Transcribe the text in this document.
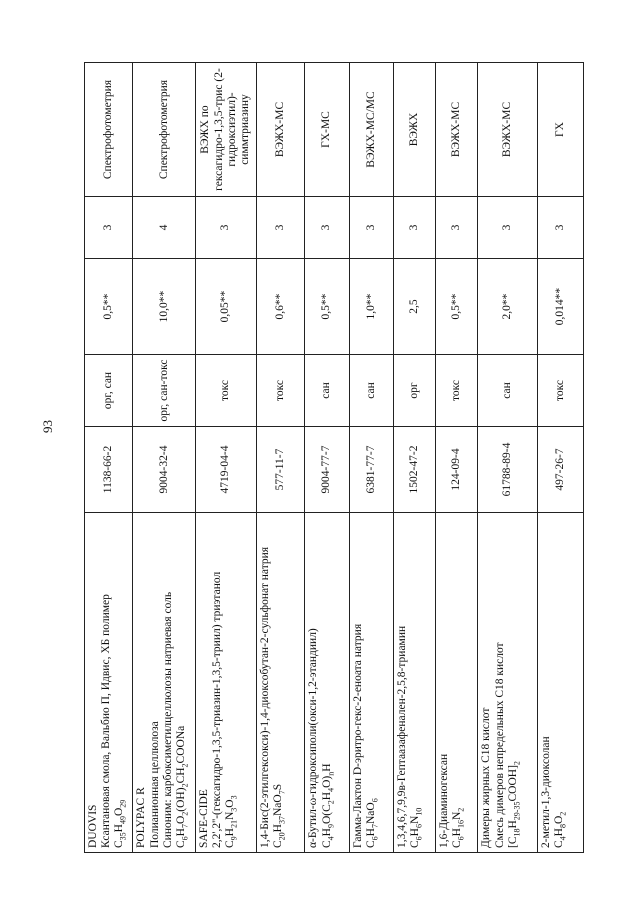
93
DUOVIS Ксантановая смола, Вальбио П, Идвис, ХБ полимер $C_{35}H_{49}O_{29}$	1138-66-2	орг, сан	0,5**	3	Спектрофотометрия

POLYPAC R Полианионная целлюлоза Синоним: карбоксиметилцеллюлозы натриевая соль $C_6H_7O_2(OH)_2CH_2COONa$	9004-32-4	орг, сан-токс	10,0**	4	Спектрофотометрия

SAFE-CIDE 2,2',2''-(гексагидро-1,3,5-триазин-1,3,5-триил) триэтанол $C_9H_{21}N_3O_3$	4719-04-4	токс	0,05**	3	ВЭЖХ по гексагидро-1,3,5-трис (2-гидроксиэтил)-симмтриазину

1,4-Бис(2-этилгексокси)-1,4-диоксобутан-2-сульфонат натрия $C_{20}H_{37}NaO_7S$	577-11-7	токс	0,6**	3	ВЭЖХ-МС

α-Бутил-ω-гидроксиполи(окси-1,2-этандиил) $C_4H_9O(C_2H_4O)_nH$	9004-77-7	сан	0,5**	3	ГХ-МС

Гамма-Лактон D-эритро-гекс-2-еноата натрия $C_6H_7NaO_6$	6381-77-7	сан	1,0**	3	ВЭЖХ-МС/МС

1,3,4,6,7,9,9в-Гептаазафенален-2,5,8-триамин $C_6H_6N_{10}$	1502-47-2	орг	2,5	3	ВЭЖХ

1,6-Диаминогексан $C_6H_{16}N_2$	124-09-4	токс	0,5**	3	ВЭЖХ-МС

Димеры жирных С18 кислот Смесь димеров непредельных С18 кислот $[C_{18}H_{29-35}COOH]_2$	61788-89-4	сан	2,0**	3	ВЭЖХ-МС

2-метил-1,3-диоксолан $C_4H_8O_2$	497-26-7	токс	0,014**	3	ГХ
